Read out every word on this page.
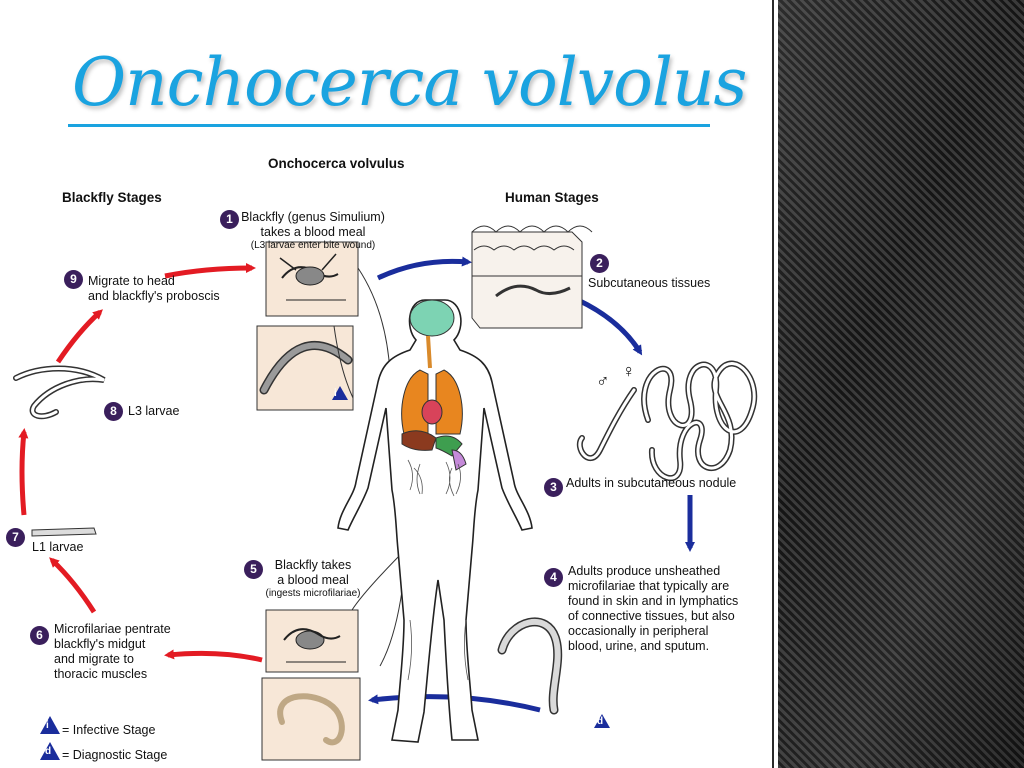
Onchocerca volvolus
Onchocerca volvulus
Blackfly Stages	Human Stages
1 Blackfly (genus Simulium)
takes a blood meal
(L3 larvae enter bite wound)
i
2
Subcutaneous tissues
♂ ♀
3 Adults in subcutaneous nodule
4 Adults produce unsheathed
microfilariae that typically are
found in skin and in lymphatics
of connective tissues, but also
occasionally in peripheral
blood, urine, and sputum.
d
5	Blackfly takes
a blood meal
(ingests microfilariae)
6 Microfilariae pentrate
blackfly's midgut
and migrate to
thoracic muscles
7
L1 larvae
8 L3 larvae
9 Migrate to head
and blackfly's proboscis
i = Infective Stage
d = Diagnostic Stage
